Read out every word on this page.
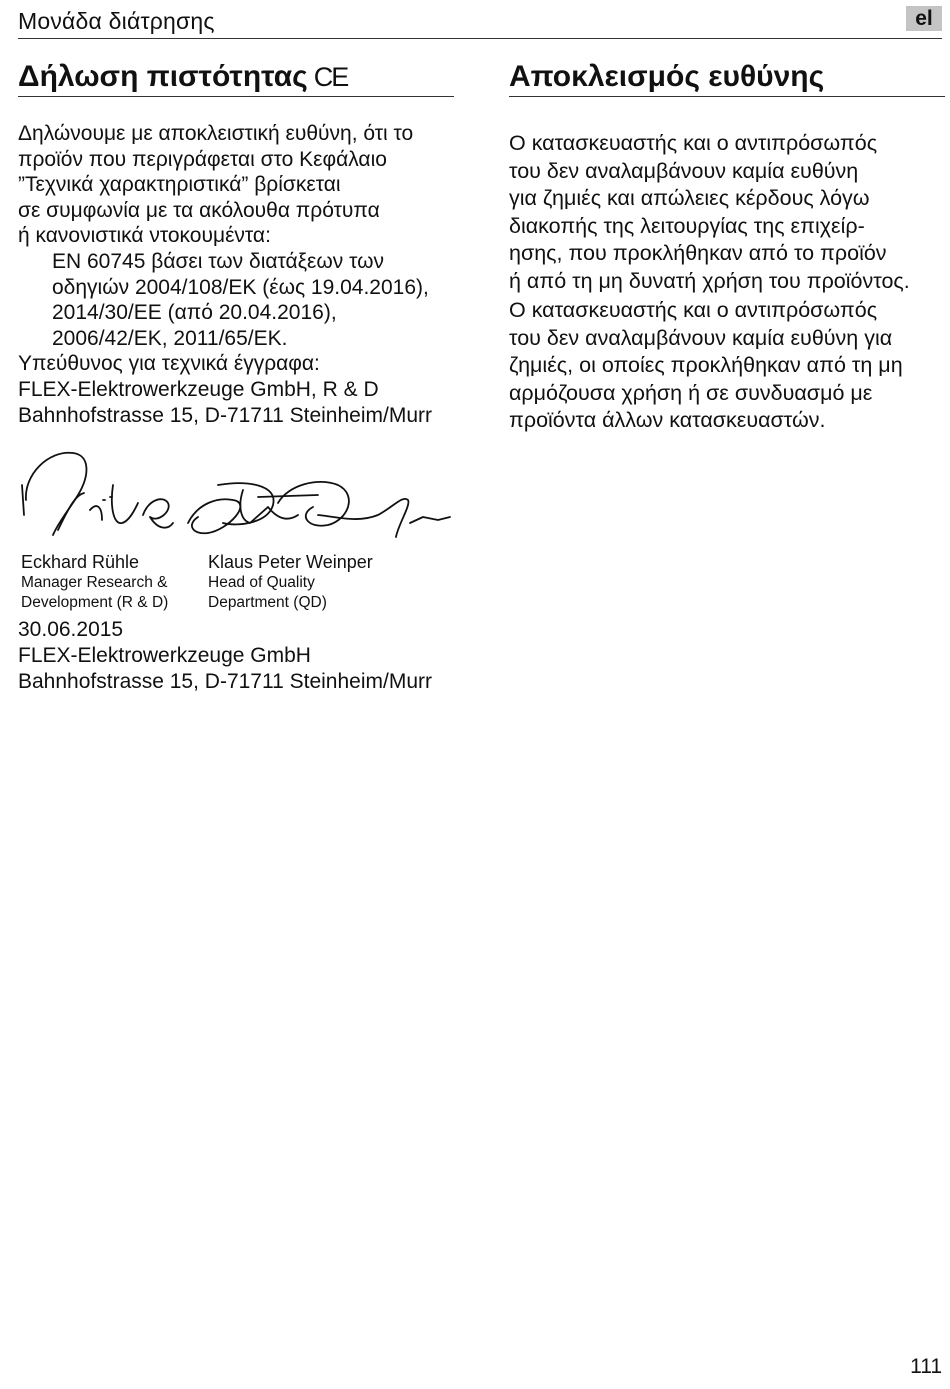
Μονάδα διάτρησης	el
Δήλωση πιστότητας CE
Δηλώνουμε με αποκλειστική ευθύνη, ότι το
προϊόν που περιγράφεται στο Κεφάλαιο
”Τεχνικά χαρακτηριστικά” βρίσκεται
σε συμφωνία με τα ακόλουθα πρότυπα
ή κανονιστικά ντοκουμέντα:
EN 60745 βάσει των διατάξεων των
οδηγιών 2004/108/EK (έως 19.04.2016),
2014/30/EE (από 20.04.2016),
2006/42/EK, 2011/65/EK.
Υπεύθυνος για τεχνικά έγγραφα:
FLEX-Elektrowerkzeuge GmbH, R & D
Bahnhofstrasse 15, D-71711 Steinheim/Murr
Eckhard Rühle
Manager Research &
Development (R & D)
Klaus Peter Weinper
Head of Quality
Department (QD)
30.06.2015
FLEX-Elektrowerkzeuge GmbH
Bahnhofstrasse 15, D-71711 Steinheim/Murr
Αποκλεισμός ευθύνης

Ο κατασκευαστής και ο αντιπρόσωπός
του δεν αναλαμβάνουν καμία ευθύνη
για ζημιές και απώλειες κέρδους λόγω
διακοπής της λειτουργίας της επιχείρ-
ησης, που προκλήθηκαν από το προϊόν
ή από τη μη δυνατή χρήση του προϊόντος.

Ο κατασκευαστής και ο αντιπρόσωπός
του δεν αναλαμβάνουν καμία ευθύνη για
ζημιές, οι οποίες προκλήθηκαν από τη μη
αρμόζουσα χρήση ή σε συνδυασμό με
προϊόντα άλλων κατασκευαστών.

111
